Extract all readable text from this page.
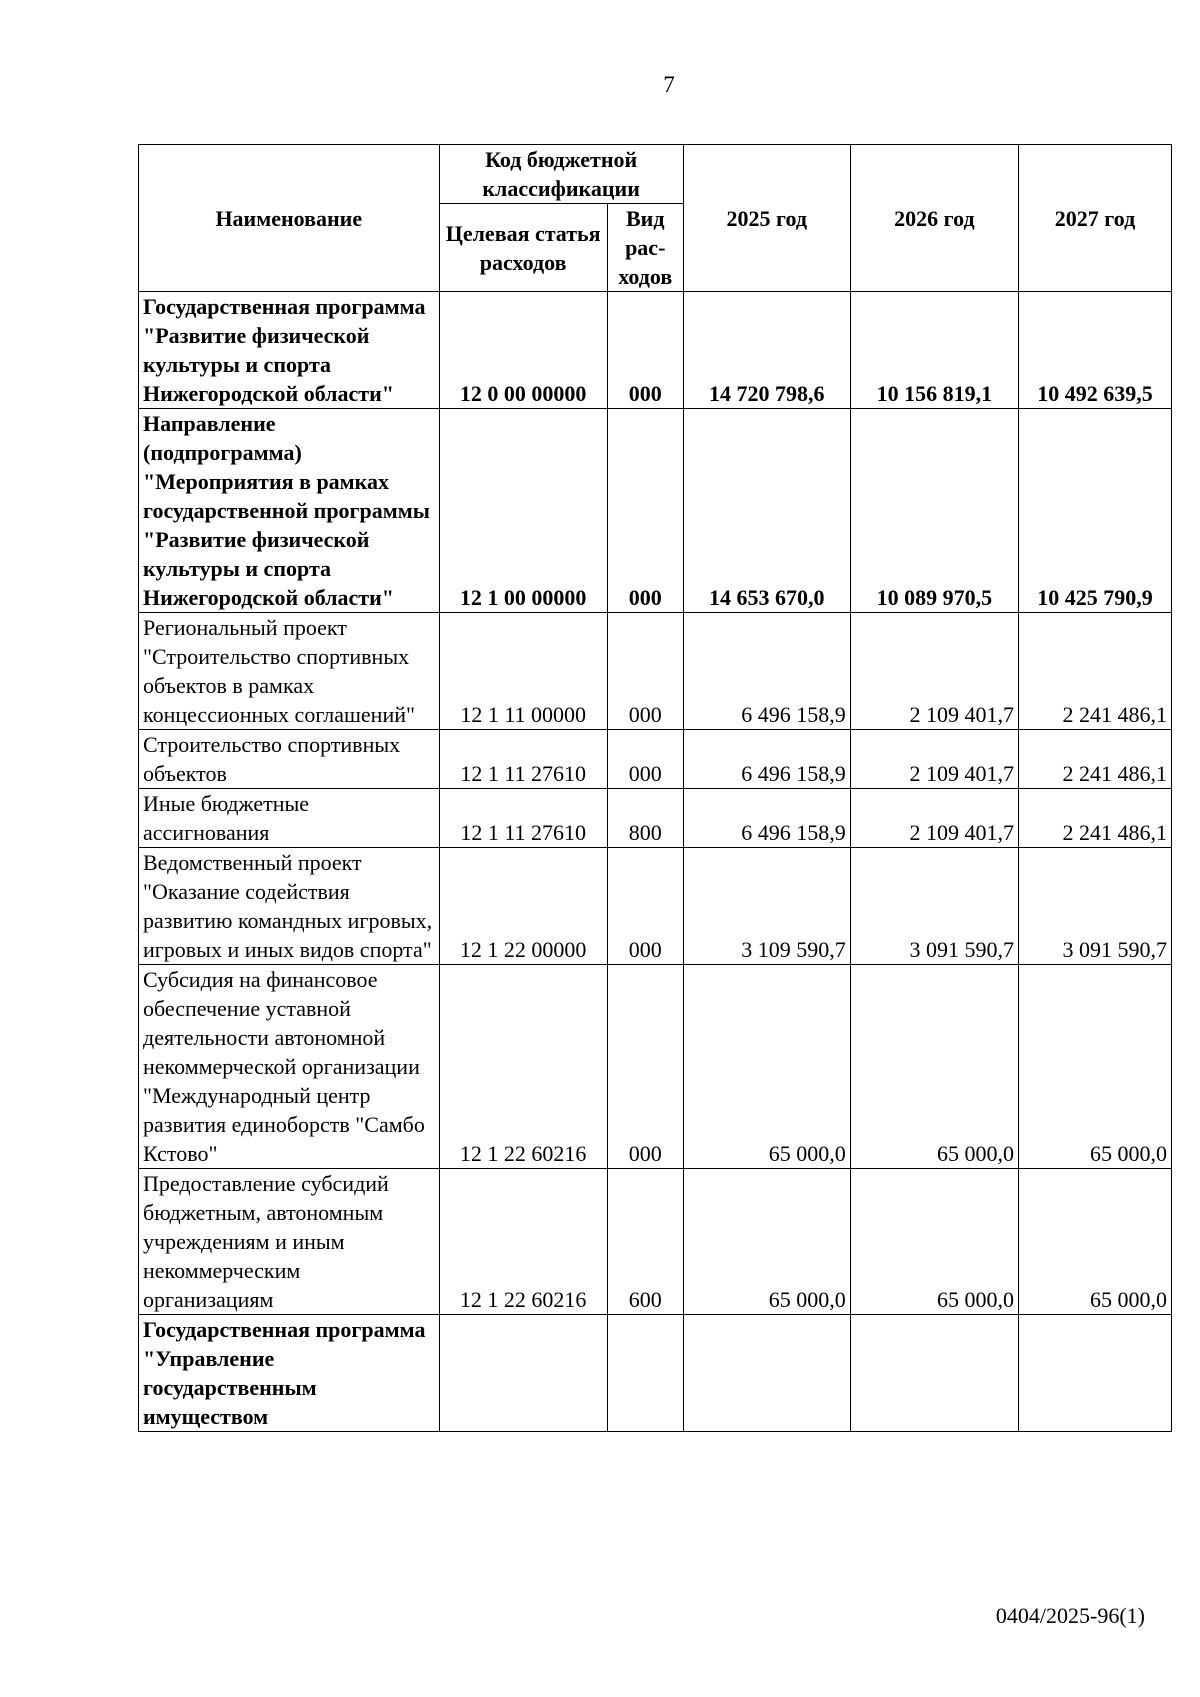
7
Наименование	Код бюджетной классификации		2025 год	2026 год	2027 год
	Целевая статья расходов	Вид рас-ходов			
Государственная программа "Развитие физической культуры и спорта Нижегородской области"	12 0 00 00000	000	14 720 798,6	10 156 819,1	10 492 639,5
Направление (подпрограмма) "Мероприятия в рамках государственной программы "Развитие физической культуры и спорта Нижегородской области"	12 1 00 00000	000	14 653 670,0	10 089 970,5	10 425 790,9
Региональный проект "Строительство спортивных объектов в рамках концессионных соглашений"	12 1 11 00000	000	6 496 158,9	2 109 401,7	2 241 486,1
Строительство спортивных объектов	12 1 11 27610	000	6 496 158,9	2 109 401,7	2 241 486,1
Иные бюджетные ассигнования	12 1 11 27610	800	6 496 158,9	2 109 401,7	2 241 486,1
Ведомственный проект "Оказание содействия развитию командных игровых, игровых и иных видов спорта"	12 1 22 00000	000	3 109 590,7	3 091 590,7	3 091 590,7
Субсидия на финансовое обеспечение уставной деятельности автономной некоммерческой организации "Международный центр развития единоборств "Самбо Кстово"	12 1 22 60216	000	65 000,0	65 000,0	65 000,0
Предоставление субсидий бюджетным, автономным учреждениям и иным некоммерческим организациям	12 1 22 60216	600	65 000,0	65 000,0	65 000,0
Государственная программа "Управление государственным имуществом					
0404/2025-96(1)
